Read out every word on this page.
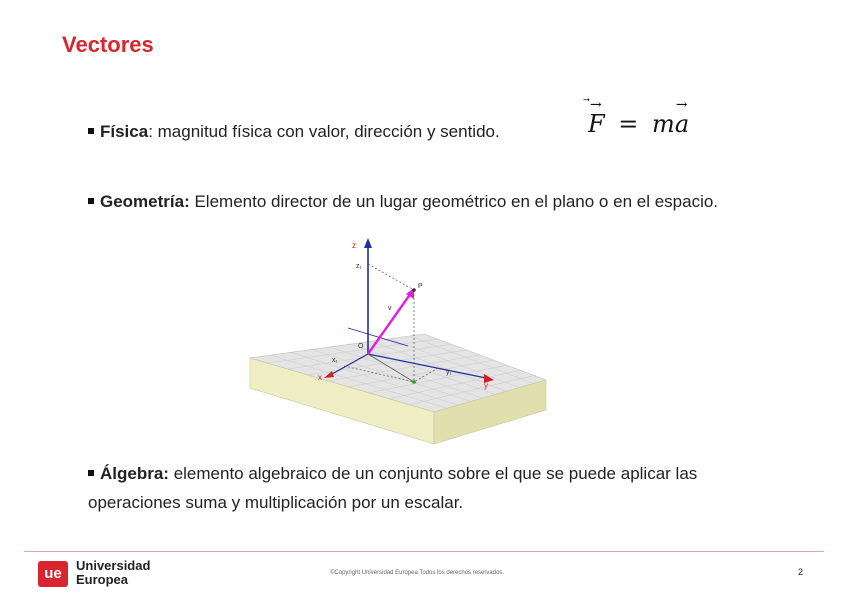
Vectores
Física: magnitud física con valor, dirección y sentido.
⃗→
F = m
→
a
Geometría: Elemento director de un lugar geométrico en el plano o en el espacio.
z
z₁
P
v
O
x₁
x
y₁
y
Álgebra: elemento algebraico de un conjunto sobre el que se puede aplicar las operaciones suma y multiplicación por un escalar.
ue	Universidad
Europea	©Copyright Universidad Europea Todos los derechos reservados.	2
